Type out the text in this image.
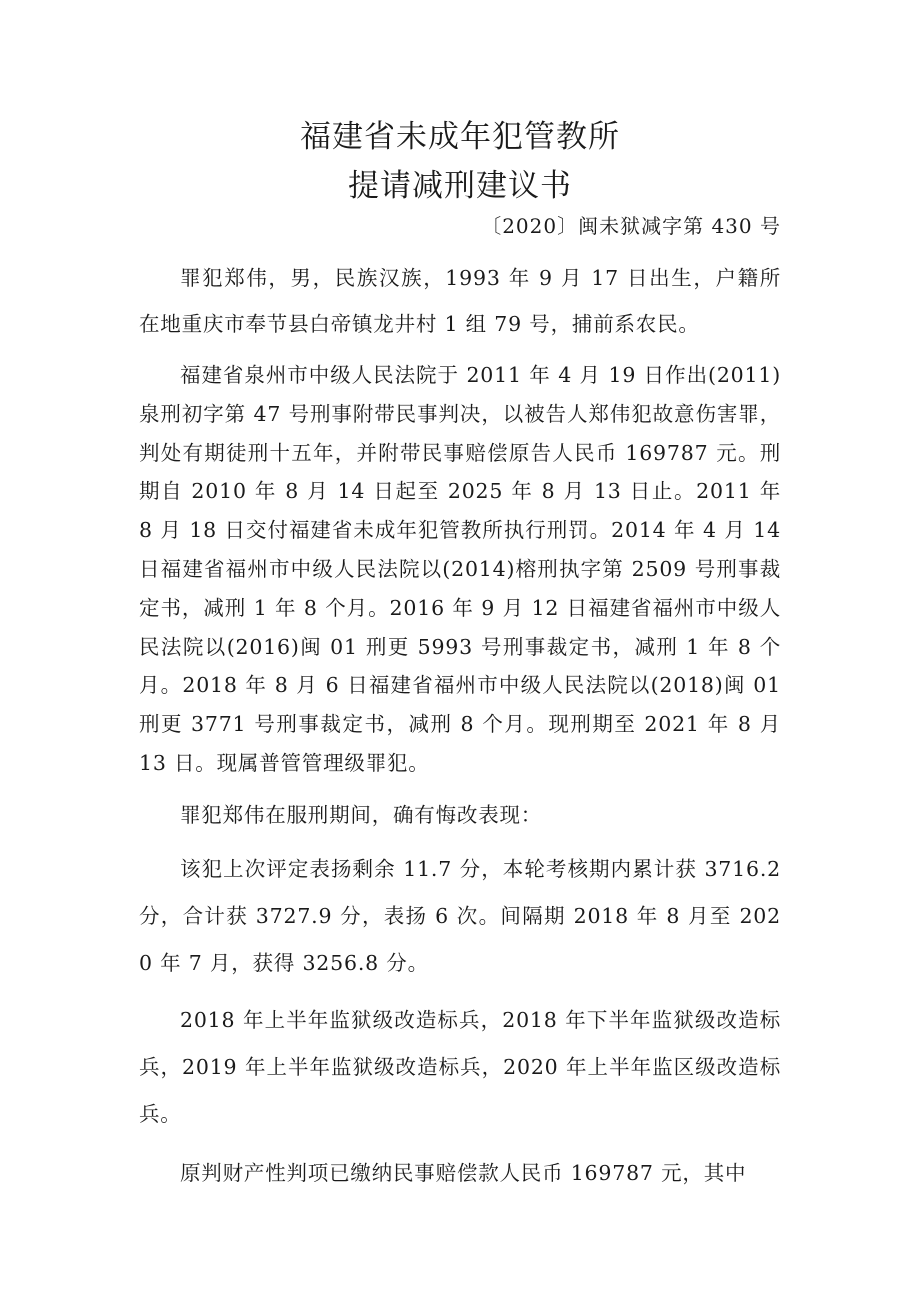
福建省未成年犯管教所
提请减刑建议书
〔2020〕闽未狱减字第 430 号

罪犯郑伟，男，民族汉族，1993 年 9 月 17 日出生，户籍所在地重庆市奉节县白帝镇龙井村 1 组 79 号，捕前系农民。

福建省泉州市中级人民法院于 2011 年 4 月 19 日作出(2011)泉刑初字第 47 号刑事附带民事判决，以被告人郑伟犯故意伤害罪，判处有期徒刑十五年，并附带民事赔偿原告人民币 169787 元。刑期自 2010 年 8 月 14 日起至 2025 年 8 月 13 日止。2011 年 8 月 18 日交付福建省未成年犯管教所执行刑罚。2014 年 4 月 14 日福建省福州市中级人民法院以(2014)榕刑执字第 2509 号刑事裁定书，减刑 1 年 8 个月。2016 年 9 月 12 日福建省福州市中级人民法院以(2016)闽 01 刑更 5993 号刑事裁定书，减刑 1 年 8 个月。2018 年 8 月 6 日福建省福州市中级人民法院以(2018)闽 01 刑更 3771 号刑事裁定书，减刑 8 个月。现刑期至 2021 年 8 月 13 日。现属普管管理级罪犯。

罪犯郑伟在服刑期间，确有悔改表现：

该犯上次评定表扬剩余 11.7 分，本轮考核期内累计获 3716.2 分，合计获 3727.9 分，表扬 6 次。间隔期 2018 年 8 月至 2020 年 7 月，获得 3256.8 分。

2018 年上半年监狱级改造标兵，2018 年下半年监狱级改造标兵，2019 年上半年监狱级改造标兵，2020 年上半年监区级改造标兵。

原判财产性判项已缴纳民事赔偿款人民币 169787 元，其中
